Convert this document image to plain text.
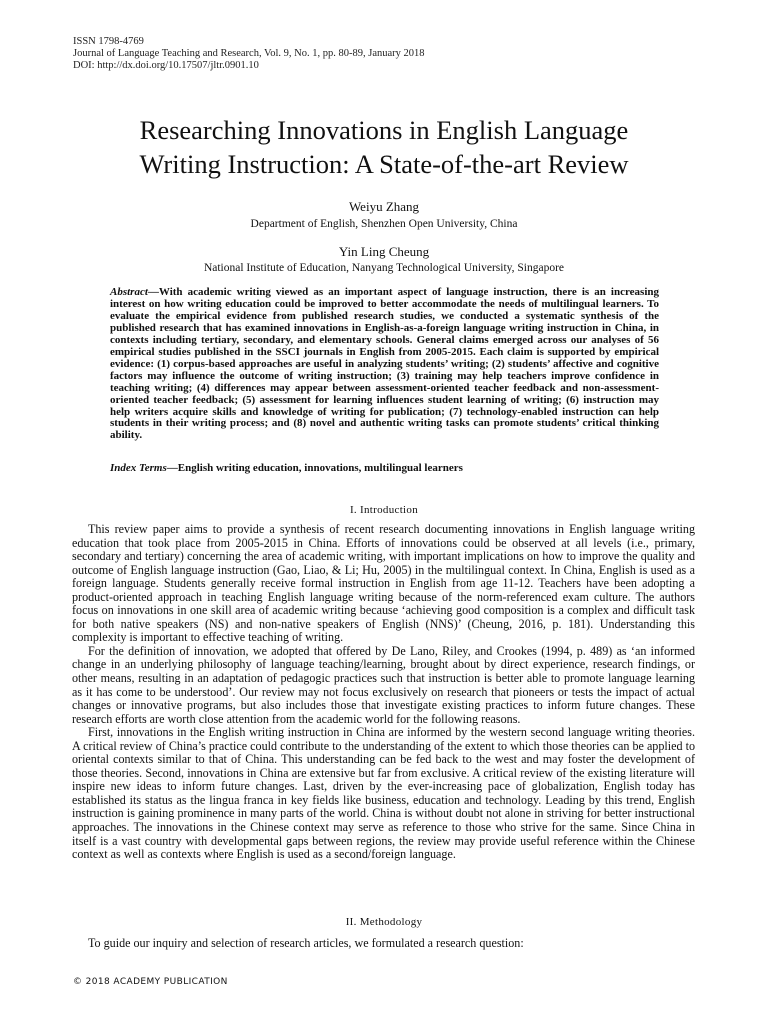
ISSN 1798-4769
Journal of Language Teaching and Research, Vol. 9, No. 1, pp. 80-89, January 2018
DOI: http://dx.doi.org/10.17507/jltr.0901.10
Researching Innovations in English Language
Writing Instruction: A State-of-the-art Review
Weiyu Zhang
Department of English, Shenzhen Open University, China
Yin Ling Cheung
National Institute of Education, Nanyang Technological University, Singapore
Abstract—With academic writing viewed as an important aspect of language instruction, there is an increasing interest on how writing education could be improved to better accommodate the needs of multilingual learners. To evaluate the empirical evidence from published research studies, we conducted a systematic synthesis of the published research that has examined innovations in English-as-a-foreign language writing instruction in China, in contexts including tertiary, secondary, and elementary schools. General claims emerged across our analyses of 56 empirical studies published in the SSCI journals in English from 2005-2015. Each claim is supported by empirical evidence: (1) corpus-based approaches are useful in analyzing students’ writing; (2) students’ affective and cognitive factors may influence the outcome of writing instruction; (3) training may help teachers improve confidence in teaching writing; (4) differences may appear between assessment-oriented teacher feedback and non-assessment-oriented teacher feedback; (5) assessment for learning influences student learning of writing; (6) instruction may help writers acquire skills and knowledge of writing for publication; (7) technology-enabled instruction can help students in their writing process; and (8) novel and authentic writing tasks can promote students’ critical thinking ability.
Index Terms—English writing education, innovations, multilingual learners
I. Introduction

This review paper aims to provide a synthesis of recent research documenting innovations in English language writing education that took place from 2005-2015 in China. Efforts of innovations could be observed at all levels (i.e., primary, secondary and tertiary) concerning the area of academic writing, with important implications on how to improve the quality and outcome of English language instruction (Gao, Liao, & Li; Hu, 2005) in the multilingual context. In China, English is used as a foreign language. Students generally receive formal instruction in English from age 11-12. Teachers have been adopting a product-oriented approach in teaching English language writing because of the norm-referenced exam culture. The authors focus on innovations in one skill area of academic writing because ‘achieving good composition is a complex and difficult task for both native speakers (NS) and non-native speakers of English (NNS)’ (Cheung, 2016, p. 181). Understanding this complexity is important to effective teaching of writing.

For the definition of innovation, we adopted that offered by De Lano, Riley, and Crookes (1994, p. 489) as ‘an informed change in an underlying philosophy of language teaching/learning, brought about by direct experience, research findings, or other means, resulting in an adaptation of pedagogic practices such that instruction is better able to promote language learning as it has come to be understood’. Our review may not focus exclusively on research that pioneers or tests the impact of actual changes or innovative programs, but also includes those that investigate existing practices to inform future changes. These research efforts are worth close attention from the academic world for the following reasons.

First, innovations in the English writing instruction in China are informed by the western second language writing theories. A critical review of China’s practice could contribute to the understanding of the extent to which those theories can be applied to oriental contexts similar to that of China. This understanding can be fed back to the west and may foster the development of those theories. Second, innovations in China are extensive but far from exclusive. A critical review of the existing literature will inspire new ideas to inform future changes. Last, driven by the ever-increasing pace of globalization, English today has established its status as the lingua franca in key fields like business, education and technology. Leading by this trend, English instruction is gaining prominence in many parts of the world. China is without doubt not alone in striving for better instructional approaches. The innovations in the Chinese context may serve as reference to those who strive for the same. Since China in itself is a vast country with developmental gaps between regions, the review may provide useful reference within the Chinese context as well as contexts where English is used as a second/foreign language.

II. Methodology

To guide our inquiry and selection of research articles, we formulated a research question:

© 2018 ACADEMY PUBLICATION
